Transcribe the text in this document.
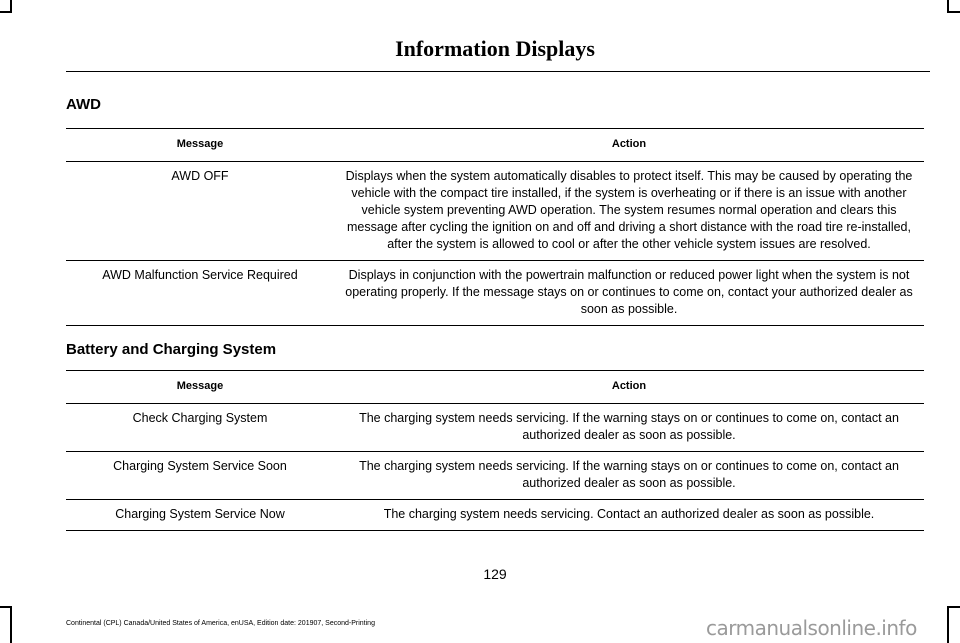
Information Displays
AWD
Message	Action
AWD OFF	Displays when the system automatically disables to protect itself. This may be caused by operating the vehicle with the compact tire installed, if the system is overheating or if there is an issue with another vehicle system preventing AWD operation. The system resumes normal operation and clears this message after cycling the ignition on and off and driving a short distance with the road tire re-installed, after the system is allowed to cool or after the other vehicle system issues are resolved.
AWD Malfunction Service Required	Displays in conjunction with the powertrain malfunction or reduced power light when the system is not operating properly. If the message stays on or continues to come on, contact your authorized dealer as soon as possible.
Battery and Charging System
Message	Action
Check Charging System	The charging system needs servicing. If the warning stays on or continues to come on, contact an authorized dealer as soon as possible.
Charging System Service Soon	The charging system needs servicing. If the warning stays on or continues to come on, contact an authorized dealer as soon as possible.
Charging System Service Now	The charging system needs servicing. Contact an authorized dealer as soon as possible.
129
Continental (CPL) Canada/United States of America, enUSA, Edition date: 201907, Second-Printing	carmanualsonline.info
